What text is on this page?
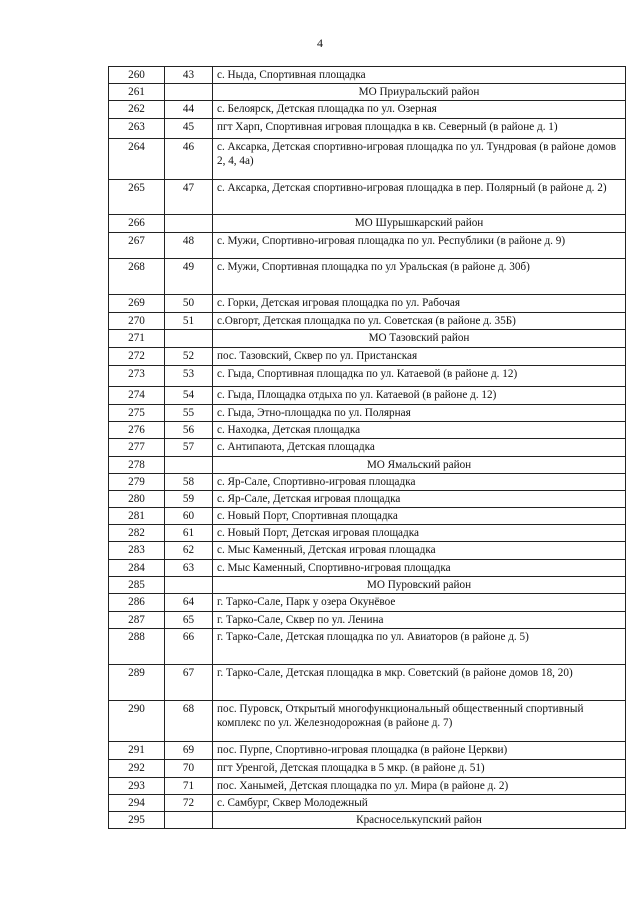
4
260	43	с. Ныда, Спортивная площадка
261		МО Приуральский район
262	44	с. Белоярск, Детская площадка по ул. Озерная
263	45	пгт Харп, Спортивная игровая площадка в кв. Северный (в районе д. 1)
264	46	с. Аксарка, Детская спортивно-игровая площадка по ул. Тундровая (в районе домов 2, 4, 4а)
265	47	с. Аксарка, Детская спортивно-игровая площадка в пер. Полярный (в районе д. 2)
266		МО Шурышкарский район
267	48	с. Мужи, Спортивно-игровая площадка по ул. Республики (в районе д. 9)
268	49	с. Мужи, Спортивная площадка по ул Уральская (в районе д. 30б)
269	50	с. Горки, Детская игровая площадка по ул. Рабочая
270	51	с.Овгорт, Детская площадка по ул. Советская (в районе д. 35Б)
271		МО Тазовский район
272	52	пос. Тазовский, Сквер по ул. Пристанская
273	53	с. Гыда, Спортивная площадка по ул. Катаевой (в районе д. 12)
274	54	с. Гыда, Площадка отдыха по ул. Катаевой (в районе д. 12)
275	55	с. Гыда, Этно-площадка по ул. Полярная
276	56	с. Находка, Детская площадка
277	57	с. Антипаюта, Детская площадка
278		МО Ямальский район
279	58	с. Яр-Сале, Спортивно-игровая площадка
280	59	с. Яр-Сале, Детская игровая площадка
281	60	с. Новый Порт, Спортивная площадка
282	61	с. Новый Порт, Детская игровая площадка
283	62	с. Мыс Каменный, Детская игровая площадка
284	63	с. Мыс Каменный, Спортивно-игровая площадка
285		МО Пуровский район
286	64	г. Тарко-Сале, Парк у озера Окунёвое
287	65	г. Тарко-Сале, Сквер по ул. Ленина
288	66	г. Тарко-Сале, Детская площадка по ул. Авиаторов (в районе д. 5)
289	67	г. Тарко-Сале, Детская площадка в мкр. Советский (в районе домов 18, 20)
290	68	пос. Пуровск, Открытый многофункциональный общественный спортивный комплекс по ул. Железнодорожная (в районе д. 7)
291	69	пос. Пурпе, Спортивно-игровая площадка (в районе Церкви)
292	70	пгт Уренгой, Детская площадка в 5 мкр. (в районе д. 51)
293	71	пос. Ханымей, Детская площадка по ул. Мира (в районе д. 2)
294	72	с. Самбург, Сквер Молодежный
295		Красноселькупский район
